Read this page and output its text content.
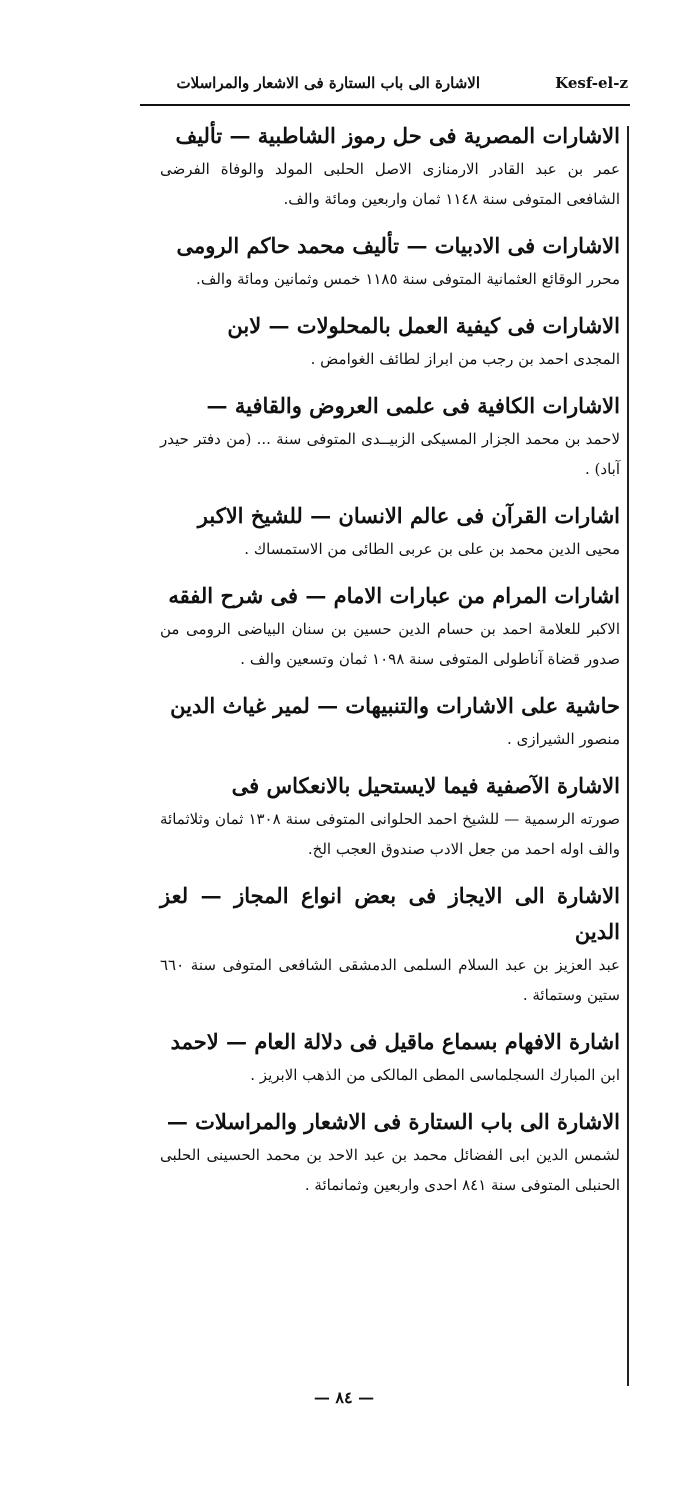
الاشارة الى باب الستارة فى الاشعار والمراسلات	Kesf-el-z

الاشارات المصرية فى حل رموز الشاطبية — تأليف

عمر بن عبد القادر الارمنازى الاصل الحلبى المولد والوفاة الفرضى الشافعى المتوفى سنة ١١٤٨ ثمان واربعين ومائة والف.

الاشارات فى الادبيات — تأليف محمد حاكم الرومى

محرر الوقائع العثمانية المتوفى سنة ١١٨٥ خمس وثمانين ومائة والف.

الاشارات فى كيفية العمل بالمحلولات — لابن

المجدى احمد بن رجب من ابراز لطائف الغوامض .

الاشارات الكافية فى علمى العروض والقافية —

لاحمد بن محمد الجزار المسيكى الزبيــدى المتوفى سنة ... (من دفتر حيدر آباد) .

اشارات القرآن فى عالم الانسان — للشيخ الاكبر

محيى الدين محمد بن على بن عربى الطائى من الاستمساك .

اشارات المرام من عبارات الامام — فى شرح الفقه

الاكبر للعلامة احمد بن حسام الدين حسين بن سنان البياضى الرومى من صدور قضاة آناطولى المتوفى سنة ١٠٩٨ ثمان وتسعين والف .

حاشية على الاشارات والتنبيهات — لمير غياث الدين

منصور الشيرازى .

الاشارة الآصفية فيما لايستحيل بالانعكاس فى

صورته الرسمية — للشيخ احمد الحلوانى المتوفى سنة ١٣٠٨ ثمان وثلاثمائة والف اوله احمد من جعل الادب صندوق العجب الخ.

الاشارة الى الايجاز فى بعض انواع المجاز — لعز الدين

عبد العزيز بن عبد السلام السلمى الدمشقى الشافعى المتوفى سنة ٦٦٠ ستين وستمائة .

اشارة الافهام بسماع ماقيل فى دلالة العام — لاحمد

ابن المبارك السجلماسى المطى المالكى من الذهب الابريز .

الاشارة الى باب الستارة فى الاشعار والمراسلات —

لشمس الدين ابى الفضائل محمد بن عبد الاحد بن محمد الحسينى الحلبى الحنبلى المتوفى سنة ٨٤١ احدى واربعين وثمانمائة .

— ٨٤ —
